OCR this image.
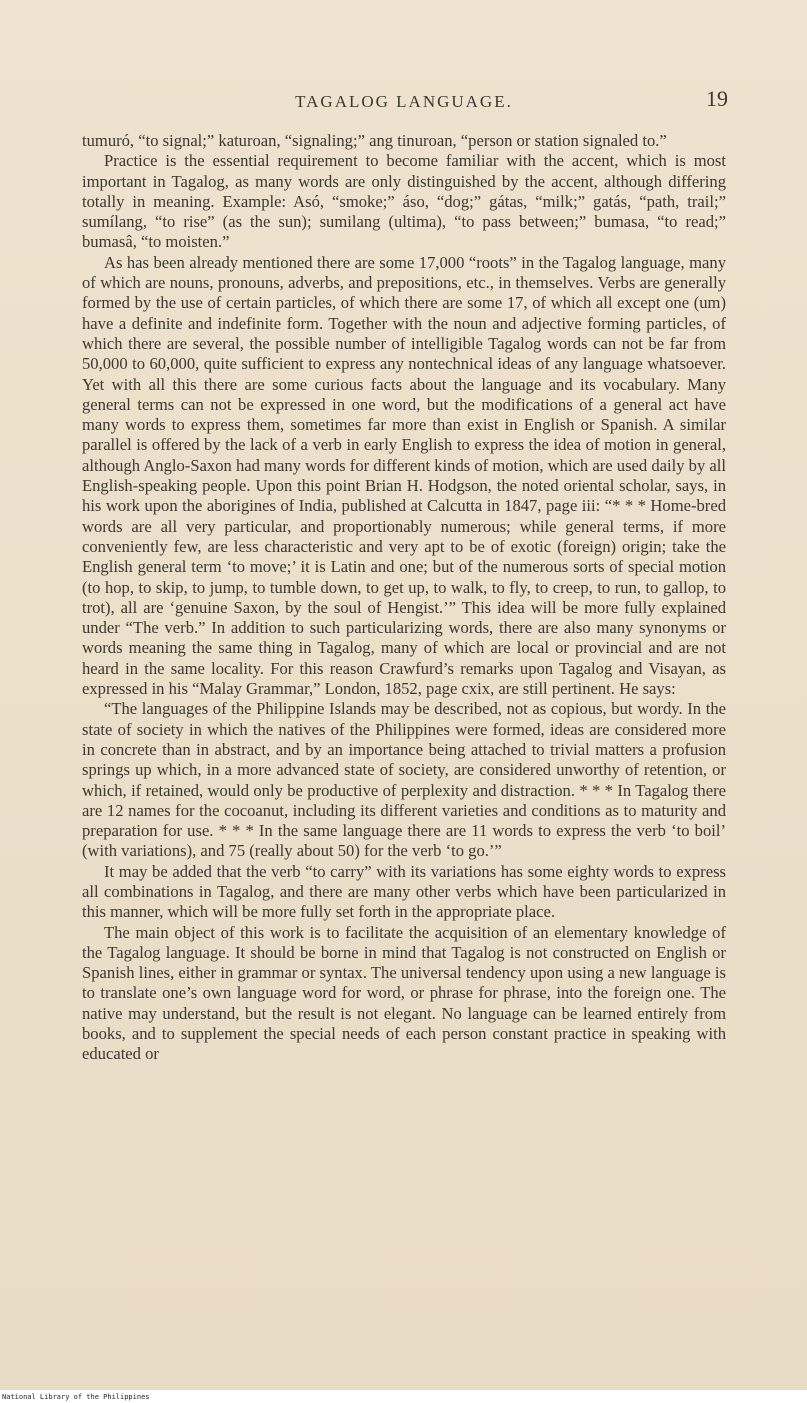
TAGALOG LANGUAGE.	19

tumuró, “to signal;” katuroan, “signaling;” ang tinuroan, “person or station signaled to.”

Practice is the essential requirement to become familiar with the accent, which is most important in Tagalog, as many words are only distinguished by the accent, although differing totally in meaning. Example: Asó, “smoke;” áso, “dog;” gátas, “milk;” gatás, “path, trail;” sumílang, “to rise” (as the sun); sumilang (ultima), “to pass between;” bumasa, “to read;” bumasâ, “to moisten.”

As has been already mentioned there are some 17,000 “roots” in the Tagalog language, many of which are nouns, pronouns, adverbs, and prepositions, etc., in themselves. Verbs are generally formed by the use of certain particles, of which there are some 17, of which all except one (um) have a definite and indefinite form. Together with the noun and adjective forming particles, of which there are several, the possible number of intelligible Tagalog words can not be far from 50,000 to 60,000, quite sufficient to express any nontechnical ideas of any language whatsoever. Yet with all this there are some curious facts about the language and its vocabulary. Many general terms can not be expressed in one word, but the modifications of a general act have many words to express them, sometimes far more than exist in English or Spanish. A similar parallel is offered by the lack of a verb in early English to express the idea of motion in general, although Anglo-Saxon had many words for different kinds of motion, which are used daily by all English-speaking people. Upon this point Brian H. Hodgson, the noted oriental scholar, says, in his work upon the aborigines of India, published at Calcutta in 1847, page iii: “* * * Home-bred words are all very particular, and proportionably numerous; while general terms, if more conveniently few, are less characteristic and very apt to be of exotic (foreign) origin; take the English general term ‘to move;’ it is Latin and one; but of the numerous sorts of special motion (to hop, to skip, to jump, to tumble down, to get up, to walk, to fly, to creep, to run, to gallop, to trot), all are ‘genuine Saxon, by the soul of Hengist.’” This idea will be more fully explained under “The verb.” In addition to such particularizing words, there are also many synonyms or words meaning the same thing in Tagalog, many of which are local or provincial and are not heard in the same locality. For this reason Crawfurd’s remarks upon Tagalog and Visayan, as expressed in his “Malay Grammar,” London, 1852, page cxix, are still pertinent. He says:

“The languages of the Philippine Islands may be described, not as copious, but wordy. In the state of society in which the natives of the Philippines were formed, ideas are considered more in concrete than in abstract, and by an importance being attached to trivial matters a profusion springs up which, in a more advanced state of society, are considered unworthy of retention, or which, if retained, would only be productive of perplexity and distraction. * * * In Tagalog there are 12 names for the cocoanut, including its different varieties and conditions as to maturity and preparation for use. * * * In the same language there are 11 words to express the verb ‘to boil’ (with variations), and 75 (really about 50) for the verb ‘to go.’”

It may be added that the verb “to carry” with its variations has some eighty words to express all combinations in Tagalog, and there are many other verbs which have been particularized in this manner, which will be more fully set forth in the appropriate place.

The main object of this work is to facilitate the acquisition of an elementary knowledge of the Tagalog language. It should be borne in mind that Tagalog is not constructed on English or Spanish lines, either in grammar or syntax. The universal tendency upon using a new language is to translate one’s own language word for word, or phrase for phrase, into the foreign one. The native may understand, but the result is not elegant. No language can be learned entirely from books, and to supplement the special needs of each person constant practice in speaking with educated or

National Library of the Philippines
